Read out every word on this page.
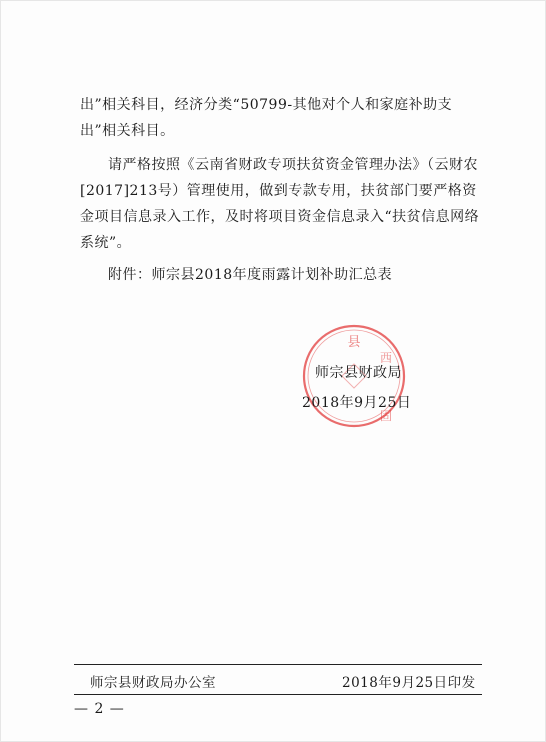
出”相关科目，经济分类“50799-其他对个人和家庭补助支出”相关科目。
请严格按照《云南省财政专项扶贫资金管理办法》（云财农[2017]213号）管理使用，做到专款专用，扶贫部门要严格资金项目信息录入工作，及时将项目资金信息录入“扶贫信息网络系统”。
附件：师宗县2018年度雨露计划补助汇总表
县
西
固
师宗县财政局
2018年9月25日
师宗县财政局办公室	2018年9月25日印发
— 2 —
